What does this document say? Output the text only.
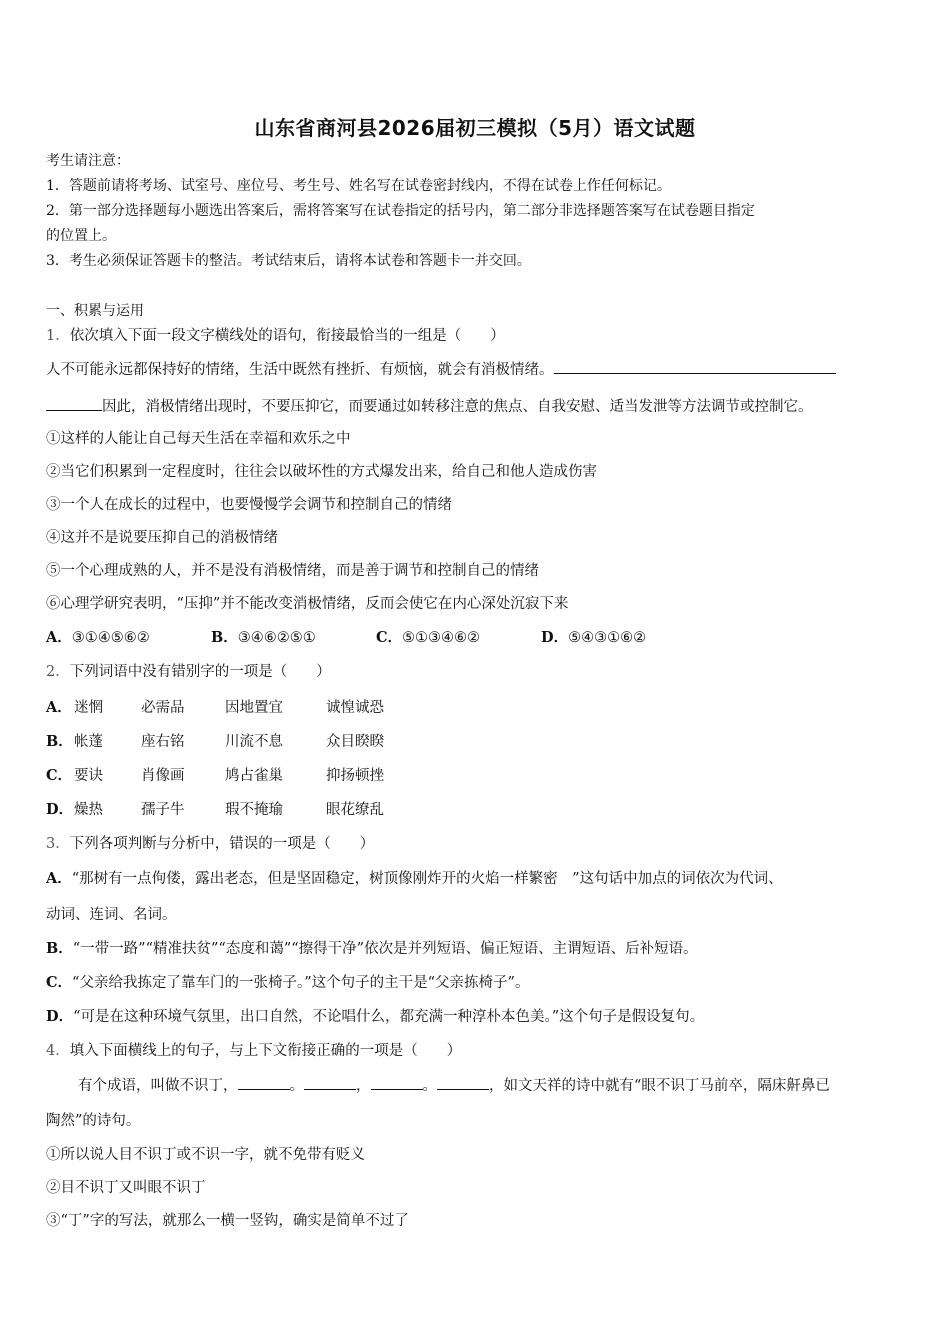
山东省商河县2026届初三模拟（5月）语文试题
考生请注意：
1．答题前请将考场、试室号、座位号、考生号、姓名写在试卷密封线内，不得在试卷上作任何标记。
2．第一部分选择题每小题选出答案后，需将答案写在试卷指定的括号内，第二部分非选择题答案写在试卷题目指定
的位置上。
3．考生必须保证答题卡的整洁。考试结束后，请将本试卷和答题卡一并交回。
一、积累与运用
1．依次填入下面一段文字横线处的语句，衔接最恰当的一组是（　　）
人不可能永远都保持好的情绪，生活中既然有挫折、有烦恼，就会有消极情绪。
因此，消极情绪出现时，不要压抑它，而要通过如转移注意的焦点、自我安慰、适当发泄等方法调节或控制它。
①这样的人能让自己每天生活在幸福和欢乐之中
②当它们积累到一定程度时，往往会以破坏性的方式爆发出来，给自己和他人造成伤害
③一个人在成长的过程中，也要慢慢学会调节和控制自己的情绪
④这并不是说要压抑自己的消极情绪
⑤一个心理成熟的人，并不是没有消极情绪，而是善于调节和控制自己的情绪
⑥心理学研究表明，“压抑”并不能改变消极情绪，反而会使它在内心深处沉寂下来
A．③①④⑤⑥②	B．③④⑥②⑤①	C．⑤①③④⑥②	D．⑤④③①⑥②
2．下列词语中没有错别字的一项是（　　）
A． 迷惘	必需品	因地置宜	诚惶诚恐
B．帐蓬	座右铭	川流不息	众目睽睽
C． 要诀	肖像画	鸠占雀巢	抑扬顿挫
D．燥热	孺子牛	瑕不掩瑜	眼花缭乱
3．下列各项判断与分析中，错误的一项是（　　）
A．“那树有一点佝偻，露出老态，但是坚固稳定，树顶像刚炸开的火焰一样繁密　”这句话中加点的词依次为代词、
动词、连词、名词。
B．“一带一路”“精准扶贫”“态度和蔼”“擦得干净”依次是并列短语、偏正短语、主谓短语、后补短语。
C．“父亲给我拣定了靠车门的一张椅子。”这个句子的主干是“父亲拣椅子”。
D．“可是在这种环境气氛里，出口自然，不论唱什么，都充满一种淳朴本色美。”这个句子是假设复句。
4．填入下面横线上的句子，与上下文衔接正确的一项是（　　）
有个成语，叫做不识丁，	。	，	。	，如文天祥的诗中就有“眼不识丁马前卒，隔床鼾鼻已
陶然”的诗句。
①所以说人目不识丁或不识一字，就不免带有贬义
②目不识丁又叫眼不识丁
③“丁”字的写法，就那么一横一竖钩，确实是简单不过了
